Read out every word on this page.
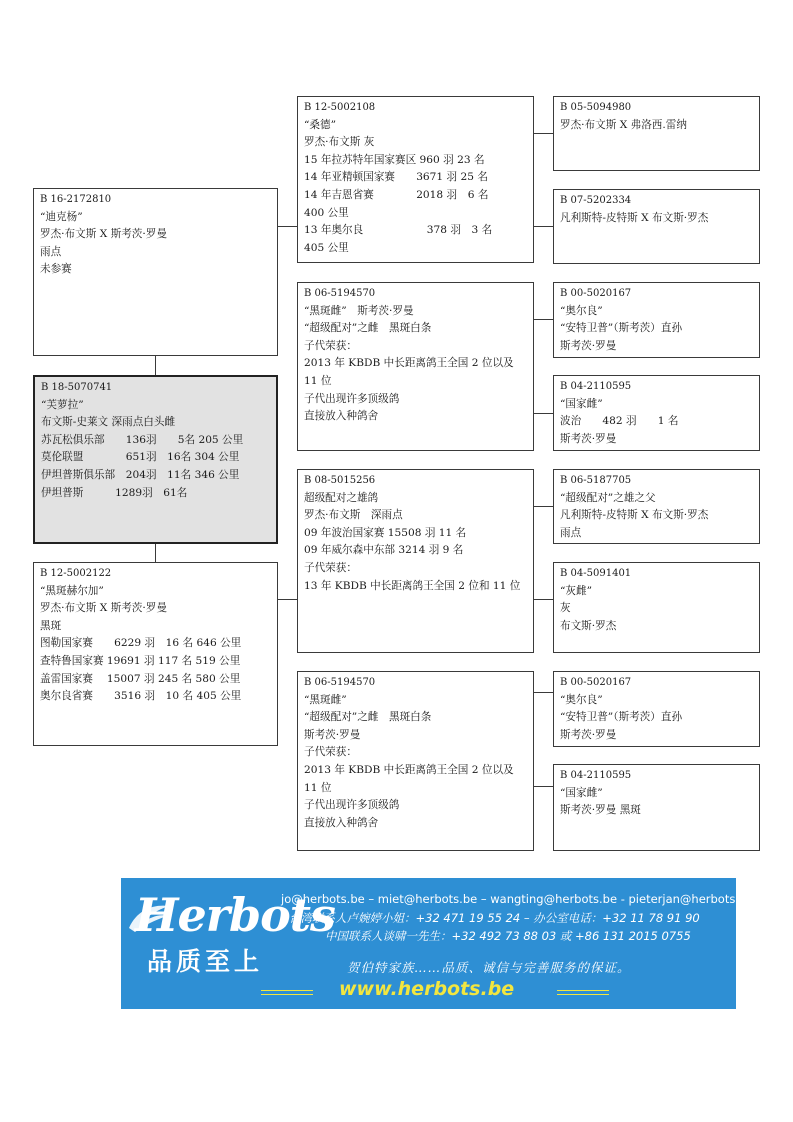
B 16-2172810
“迪克杨”
罗杰·布文斯 X 斯考茨·罗曼
雨点
未参赛
B 18-5070741
“芙萝拉”
布文斯-史莱文 深雨点白头雌
苏瓦松俱乐部　　136羽　　5名 205 公里
莫伦联盟　　　　651羽　16名 304 公里
伊坦普斯俱乐部　204羽　11名 346 公里
伊坦普斯　　　1289羽　61名
B 12-5002122
“黑斑赫尔加”
罗杰·布文斯 X 斯考茨·罗曼
黑斑
图勒国家赛　　6229 羽　16 名 646 公里
查特鲁国家赛 19691 羽 117 名 519 公里
盖雷国家赛　 15007 羽 245 名 580 公里
奥尔良省赛　　3516 羽　10 名 405 公里
B 12-5002108
“桑德”
罗杰·布文斯 灰
15 年拉苏特年国家赛区 960 羽 23 名
14 年亚精顿国家赛　　3671 羽 25 名
14 年吉恩省赛　　　　2018 羽　6 名
400 公里
13 年奥尔良　　　　　　378 羽　3 名
405 公里
B 06-5194570
“黑斑雌”　斯考茨·罗曼
“超级配对”之雌　黑斑白条
子代荣获：
2013 年 KBDB 中长距离鸽王全国 2 位以及
11 位
子代出现许多顶级鸽
直接放入种鸽舍
B 08-5015256
超级配对之雄鸽
罗杰·布文斯　深雨点
09 年波治国家赛 15508 羽 11 名
09 年威尔森中东部 3214 羽 9 名
子代荣获：
13 年 KBDB 中长距离鸽王全国 2 位和 11 位
B 06-5194570
“黑斑雌”
“超级配对”之雌　黑斑白条
斯考茨·罗曼
子代荣获：
2013 年 KBDB 中长距离鸽王全国 2 位以及
11 位
子代出现许多顶级鸽
直接放入种鸽舍
B 05-5094980
罗杰·布文斯 X 弗洛西.雷纳
B 07-5202334
凡利斯特-皮特斯 X 布文斯·罗杰
B 00-5020167
“奥尔良”
“安特卫普”（斯考茨）直孙
斯考茨·罗曼
B 04-2110595
“国家雌”
波治　　482 羽　　1 名
斯考茨·罗曼
B 06-5187705
“超级配对”之雄之父
凡利斯特-皮特斯 X 布文斯·罗杰
雨点
B 04-5091401
“灰雌”
灰
布文斯·罗杰
B 00-5020167
“奥尔良”
“安特卫普”（斯考茨）直孙
斯考茨·罗曼
B 04-2110595
“国家雌”
斯考茨·罗曼 黑斑
Herbots
品质至上
jo@herbots.be – miet@herbots.be – wangting@herbots.be - pieterjan@herbots.be
台湾联系人卢婉婷小姐：+32 471 19 55 24 – 办公室电话：+32 11 78 91 90
中国联系人谈啸一先生：+32 492 73 88 03 或 +86 131 2015 0755
贺伯特家族……品质、诚信与完善服务的保证。
www.herbots.be
